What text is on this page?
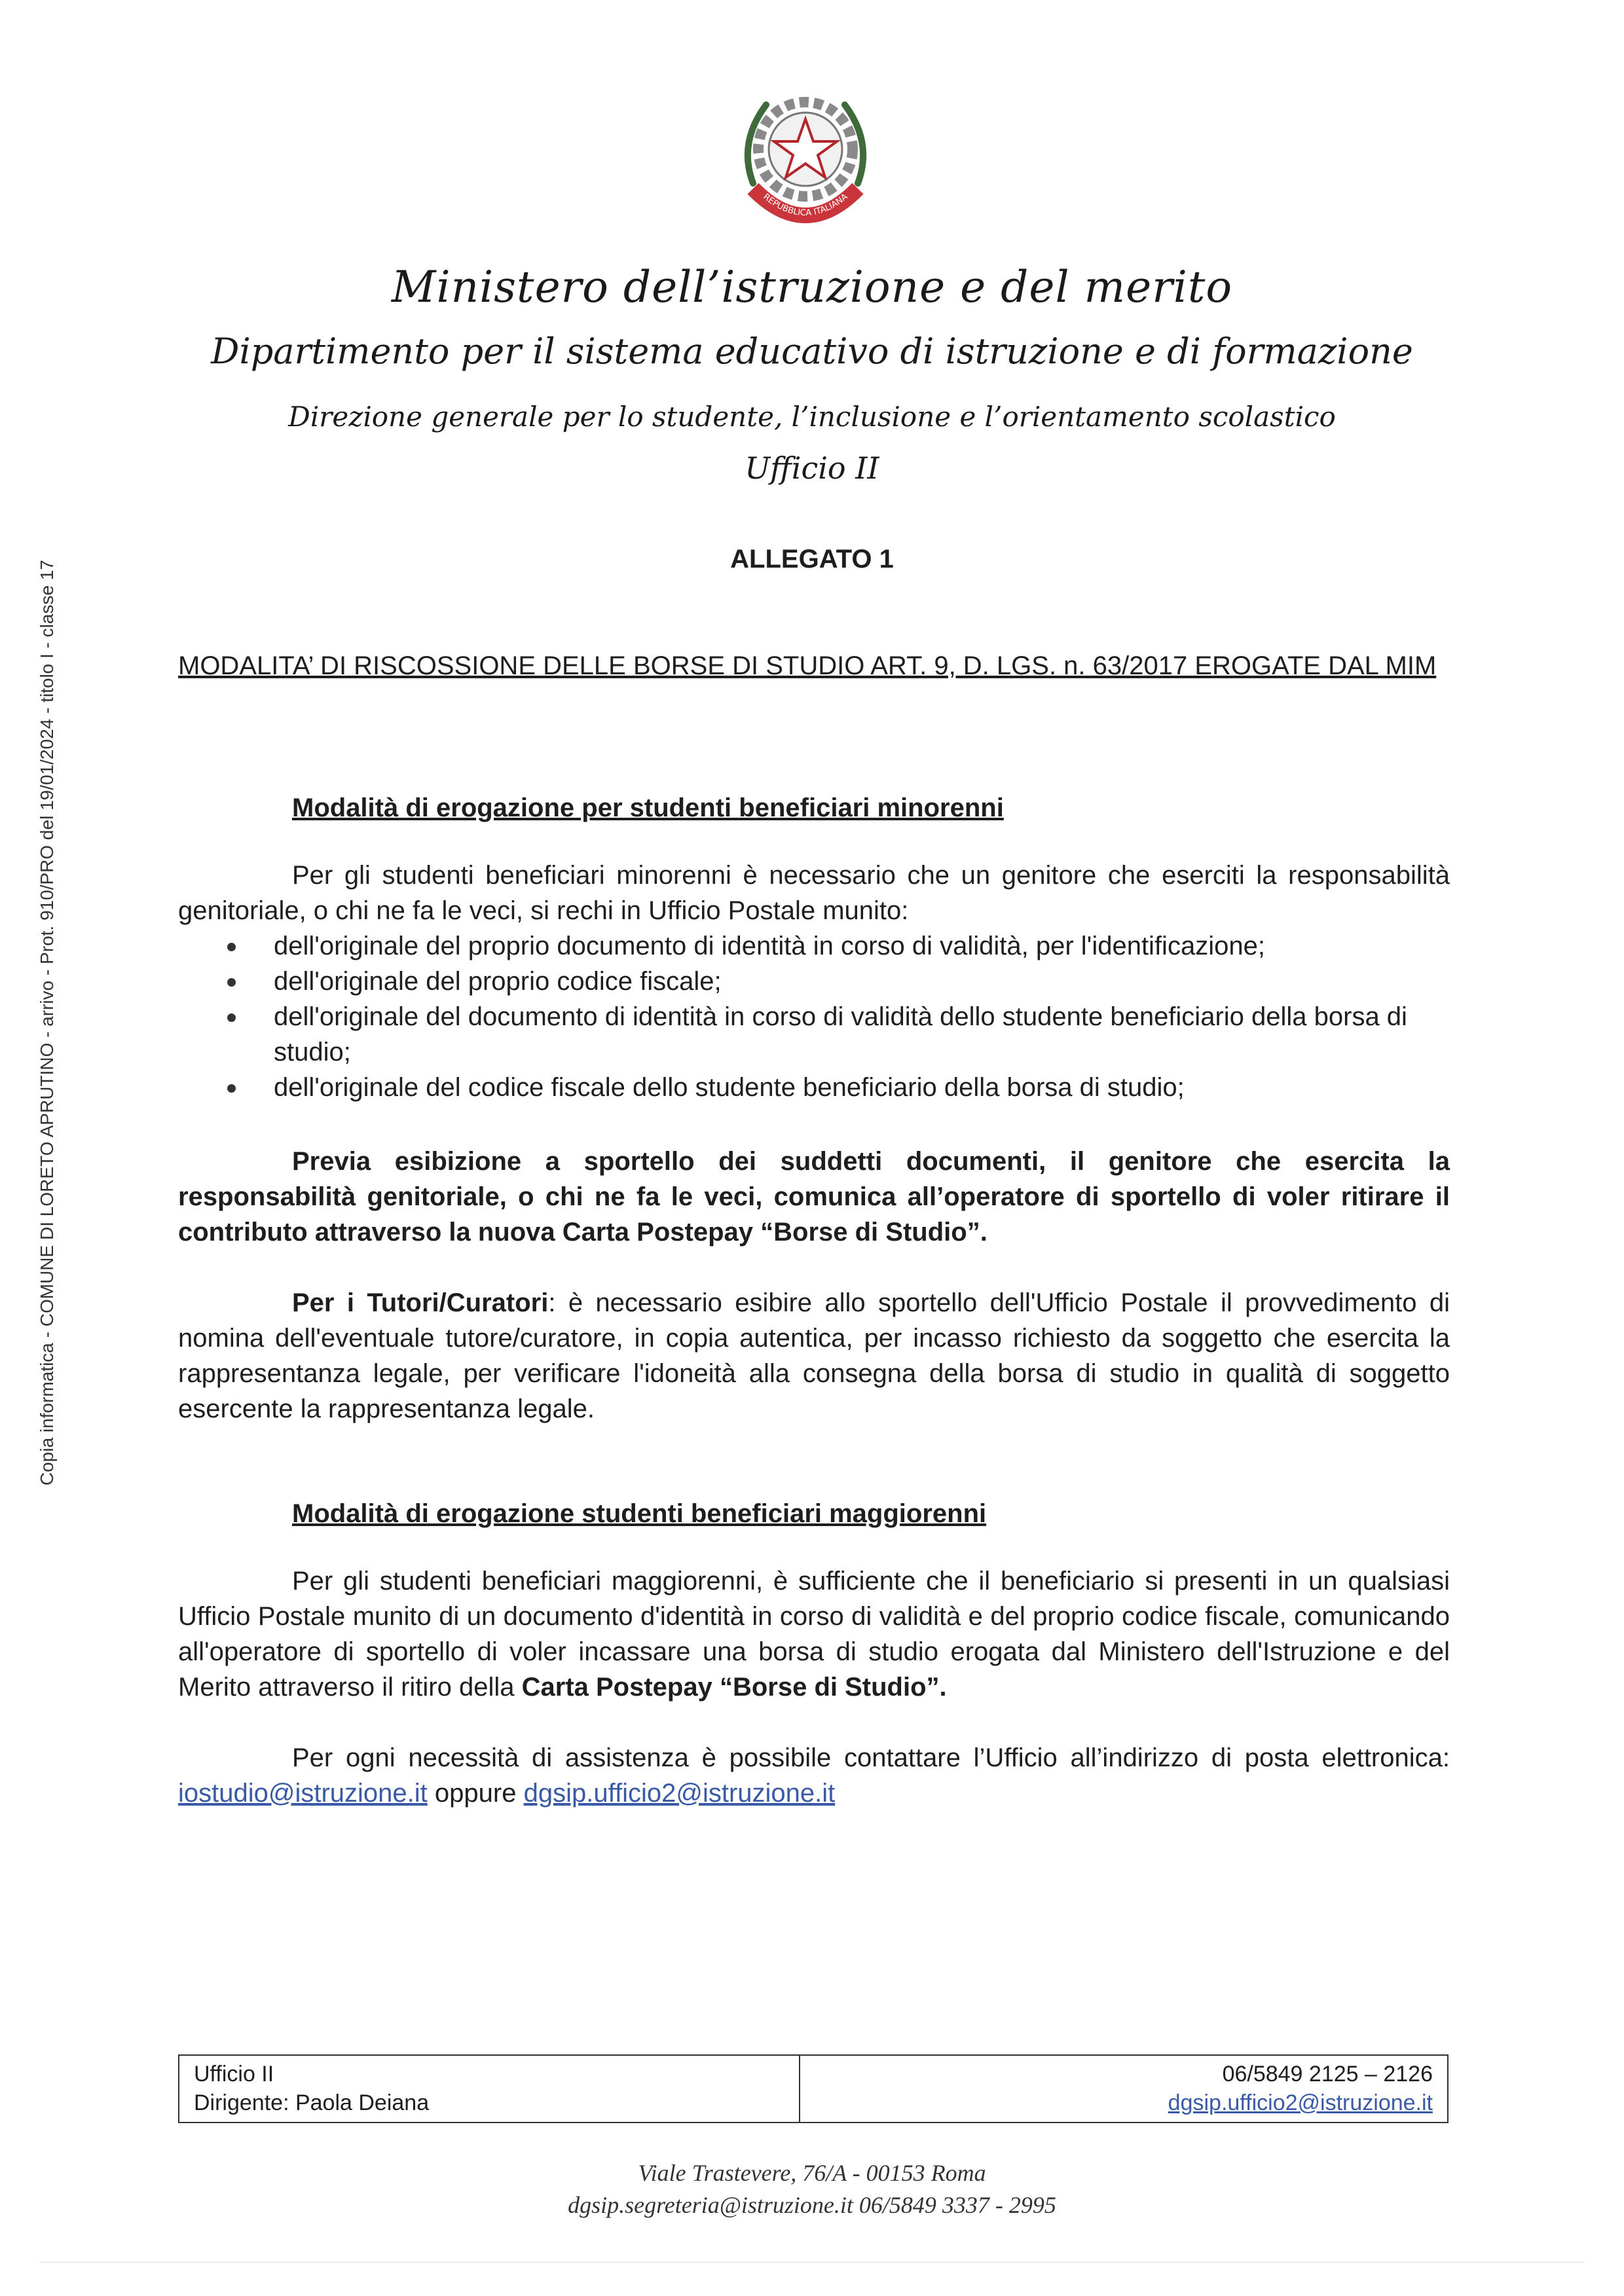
Copia informatica - COMUNE DI LORETO APRUTINO - arrivo - Prot. 910/PRO del 19/01/2024 - titolo I - classe 17
REPUBBLICA ITALIANA
Ministero dell’istruzione e del merito
Dipartimento per il sistema educativo di istruzione e di formazione
Direzione generale per lo studente, l’inclusione e l’orientamento scolastico
Ufficio II
ALLEGATO 1
MODALITA’ DI RISCOSSIONE DELLE BORSE DI STUDIO ART. 9, D. LGS. n. 63/2017 EROGATE DAL MIM
Modalità di erogazione per studenti beneficiari minorenni
Per gli studenti beneficiari minorenni è necessario che un genitore che eserciti la responsabilità genitoriale, o chi ne fa le veci, si rechi in Ufficio Postale munito:
dell'originale del proprio documento di identità in corso di validità, per l'identificazione;
dell'originale del proprio codice fiscale;
dell'originale del documento di identità in corso di validità dello studente beneficiario della borsa di studio;
dell'originale del codice fiscale dello studente beneficiario della borsa di studio;
Previa esibizione a sportello dei suddetti documenti, il genitore che esercita la responsabilità genitoriale, o chi ne fa le veci, comunica all’operatore di sportello di voler ritirare il contributo attraverso la nuova Carta Postepay “Borse di Studio”.
Per i Tutori/Curatori: è necessario esibire allo sportello dell'Ufficio Postale il provvedimento di nomina dell'eventuale tutore/curatore, in copia autentica, per incasso richiesto da soggetto che esercita la rappresentanza legale, per verificare l'idoneità alla consegna della borsa di studio in qualità di soggetto esercente la rappresentanza legale.
Modalità di erogazione studenti beneficiari maggiorenni
Per gli studenti beneficiari maggiorenni, è sufficiente che il beneficiario si presenti in un qualsiasi Ufficio Postale munito di un documento d'identità in corso di validità e del proprio codice fiscale, comunicando all'operatore di sportello di voler incassare una borsa di studio erogata dal Ministero dell'Istruzione e del Merito attraverso il ritiro della Carta Postepay “Borse di Studio”.
Per ogni necessità di assistenza è possibile contattare l’Ufficio all’indirizzo di posta elettronica: iostudio@istruzione.it oppure dgsip.ufficio2@istruzione.it
Ufficio II
Dirigente: Paola Deiana
06/5849 2125 – 2126
dgsip.ufficio2@istruzione.it
Viale Trastevere, 76/A - 00153 Roma
dgsip.segreteria@istruzione.it 06/5849 3337 - 2995
